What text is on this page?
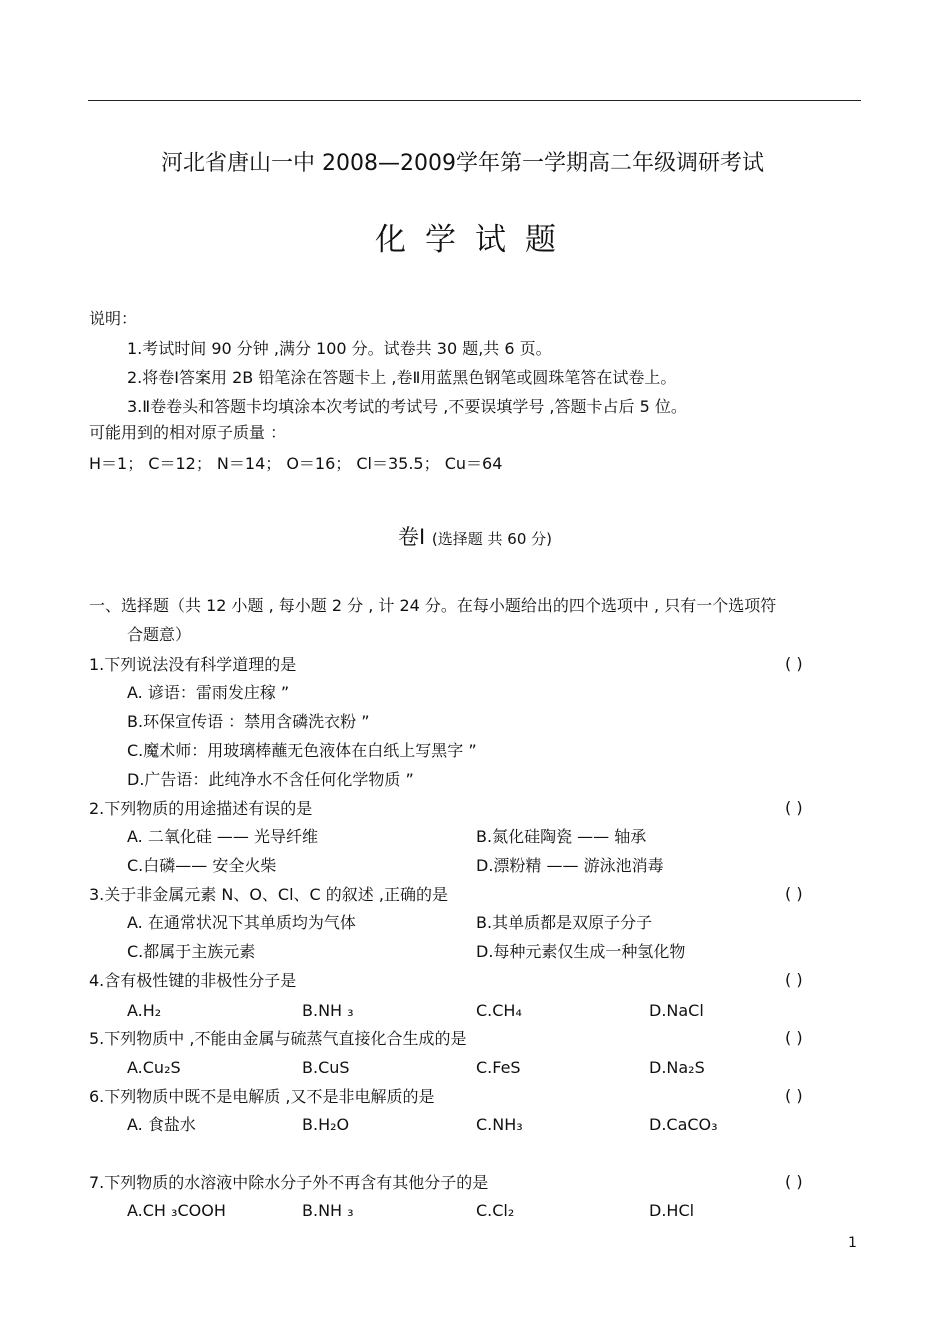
河北省唐山一中 2008—2009学年第一学期高二年级调研考试
化学试题
说明：
1.考试时间 90 分钟 ,满分 100 分。试卷共 30 题,共 6 页。
2.将卷Ⅰ答案用 2B 铅笔涂在答题卡上 ,卷Ⅱ用蓝黑色钢笔或圆珠笔答在试卷上。
3.Ⅱ卷卷头和答题卡均填涂本次考试的考试号 ,不要误填学号 ,答题卡占后 5 位。
可能用到的相对原子质量 ：
H＝1； C＝12； N＝14； O＝16； Cl＝35.5； Cu＝64
卷Ⅰ (选择题 共 60 分)
一、选择题（共 12 小题 , 每小题 2 分 , 计 24 分。在每小题给出的四个选项中 , 只有一个选项符
合题意）
1.下列说法没有科学道理的是	( )
A. 谚语：雷雨发庄稼 ”
B.环保宣传语 ：禁用含磷洗衣粉 ”
C.魔术师：用玻璃棒蘸无色液体在白纸上写黑字 ”
D.广告语：此纯净水不含任何化学物质 ”
2.下列物质的用途描述有误的是	( )
A. 二氧化硅 —— 光导纤维	B.氮化硅陶瓷 —— 轴承
C.白磷—— 安全火柴	D.漂粉精 —— 游泳池消毒
3.关于非金属元素 N、O、Cl、C 的叙述 ,正确的是	( )
A. 在通常状况下其单质均为气体	B.其单质都是双原子分子
C.都属于主族元素	D.每种元素仅生成一种氢化物
4.含有极性键的非极性分子是	( )
A.H₂	B.NH ₃	C.CH₄	D.NaCl
5.下列物质中 ,不能由金属与硫蒸气直接化合生成的是	( )
A.Cu₂S	B.CuS	C.FeS	D.Na₂S
6.下列物质中既不是电解质 ,又不是非电解质的是	( )
A. 食盐水	B.H₂O	C.NH₃	D.CaCO₃
7.下列物质的水溶液中除水分子外不再含有其他分子的是	( )
A.CH ₃COOH	B.NH ₃	C.Cl₂	D.HCl
1
